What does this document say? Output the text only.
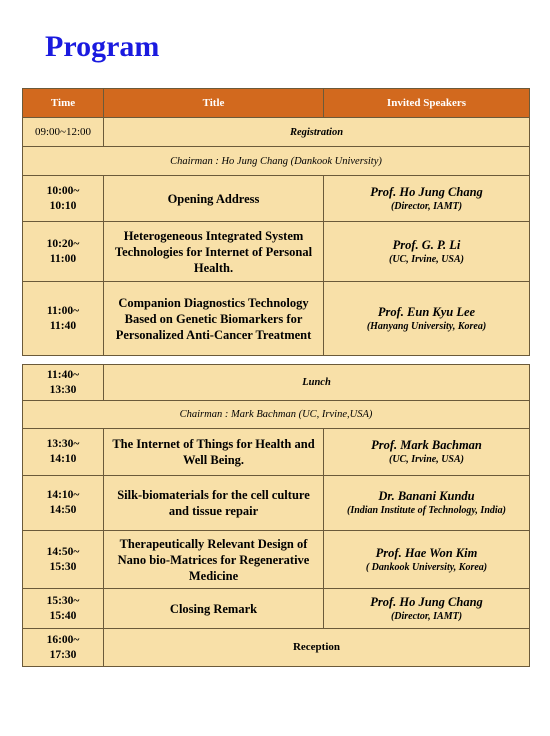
Program
Time	Title	Invited Speakers
09:00~12:00	Registration	
Chairman : Ho Jung Chang (Dankook University)		

10:00~
10:10	Opening Address	Prof. Ho Jung Chang
(Director, IAMT)

10:20~
11:00	Heterogeneous Integrated System Technologies for Internet of Personal Health.	Prof. G. P. Li
(UC, Irvine, USA)

11:00~
11:40	Companion Diagnostics Technology Based on Genetic Biomarkers for Personalized Anti-Cancer Treatment	Prof. Eun Kyu Lee
(Hanyang University, Korea)
11:40~
13:30	Lunch	
Chairman : Mark Bachman (UC, Irvine,USA)		

13:30~
14:10	The Internet of Things for Health and Well Being.	Prof. Mark Bachman
(UC, Irvine, USA)

14:10~
14:50	Silk-biomaterials for the cell culture and tissue repair	Dr. Banani Kundu
(Indian Institute of Technology, India)

14:50~
15:30	Therapeutically Relevant Design of Nano bio-Matrices for Regenerative Medicine	Prof. Hae Won Kim
( Dankook University, Korea)

15:30~
15:40	Closing Remark	Prof. Ho Jung Chang
(Director, IAMT)

16:00~
17:30	Reception	
